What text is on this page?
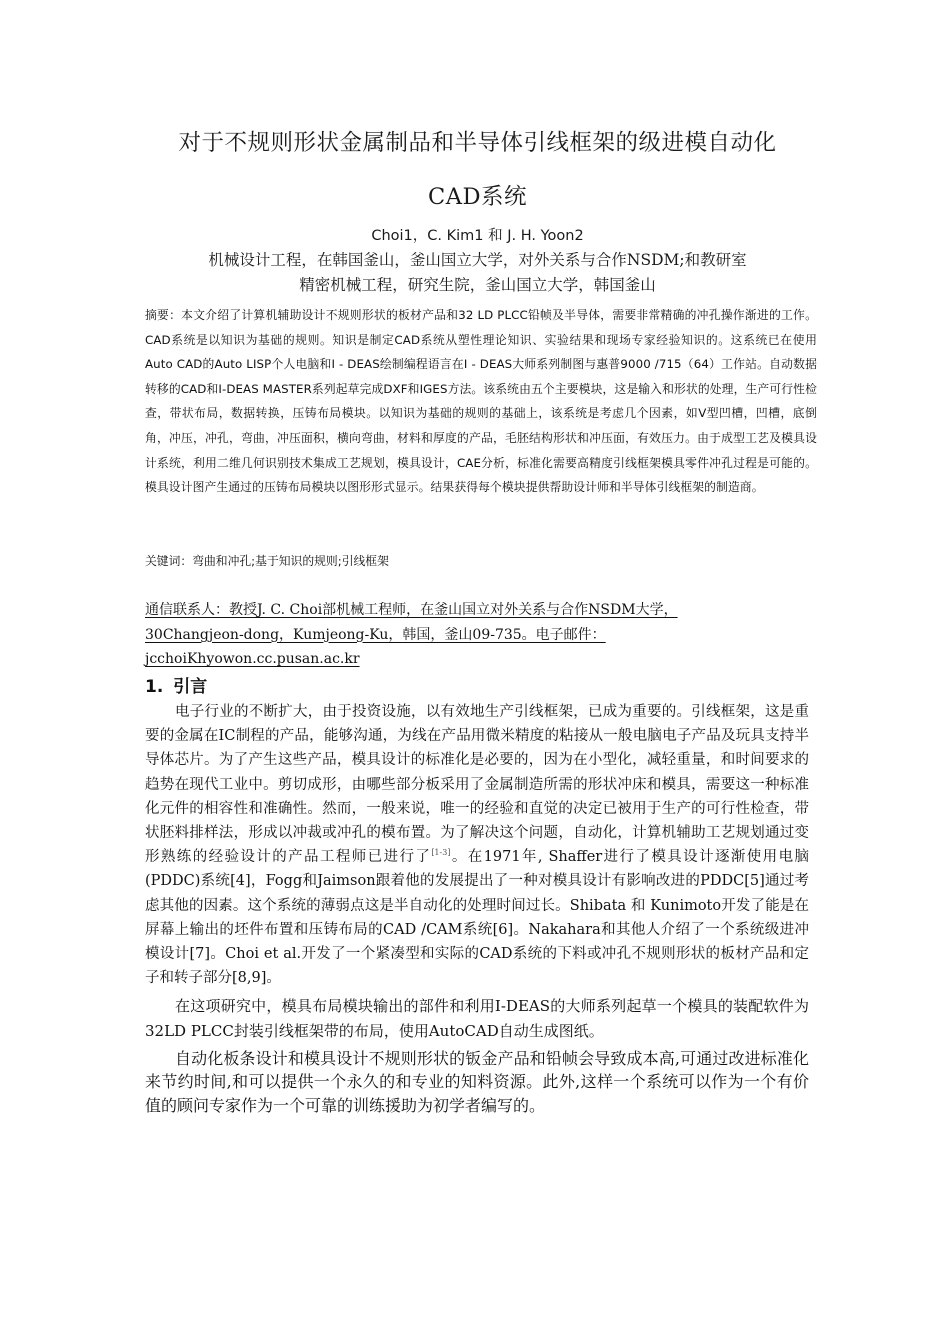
对于不规则形状金属制品和半导体引线框架的级进模自动化
CAD系统
Choi1，C. Kim1 和 J. H. Yoon2
机械设计工程，在韩国釜山，釜山国立大学，对外关系与合作NSDM;和教研室
精密机械工程，研究生院，釜山国立大学，韩国釜山
摘要：本文介绍了计算机辅助设计不规则形状的板材产品和32 LD PLCC铅帧及半导体，需要非常精确的冲孔操作渐进的工作。CAD系统是以知识为基础的规则。知识是制定CAD系统从塑性理论知识、实验结果和现场专家经验知识的。这系统已在使用Auto CAD的Auto LISP个人电脑和I - DEAS绘制编程语言在I - DEAS大师系列制图与惠普9000 /715（64）工作站。自动数据转移的CAD和I-DEAS MASTER系列起草完成DXF和IGES方法。该系统由五个主要模块，这是输入和形状的处理，生产可行性检查，带状布局，数据转换，压铸布局模块。以知识为基础的规则的基础上，该系统是考虑几个因素，如V型凹槽，凹槽，底倒角，冲压，冲孔，弯曲，冲压面积，横向弯曲，材料和厚度的产品，毛胚结构形状和冲压面，有效压力。由于成型工艺及模具设计系统，利用二维几何识别技术集成工艺规划，模具设计，CAE分析，标准化需要高精度引线框架模具零件冲孔过程是可能的。模具设计图产生通过的压铸布局模块以图形形式显示。结果获得每个模块提供帮助设计师和半导体引线框架的制造商。
关键词：弯曲和冲孔;基于知识的规则;引线框架
通信联系人：教授J. C. Choi部机械工程师，在釜山国立对外关系与合作NSDM大学，
30Changjeon-dong，Kumjeong-Ku，韩国，釜山09-735。电子邮件：
jcchoiKhyowon.cc.pusan.ac.kr
1. 引言

电子行业的不断扩大，由于投资设施，以有效地生产引线框架，已成为重要的。引线框架，这是重要的金属在IC制程的产品，能够沟通，为线在产品用微米精度的粘接从一般电脑电子产品及玩具支持半导体芯片。为了产生这些产品，模具设计的标准化是必要的，因为在小型化，减轻重量，和时间要求的趋势在现代工业中。剪切成形，由哪些部分板采用了金属制造所需的形状冲床和模具，需要这一种标准化元件的相容性和准确性。然而，一般来说，唯一的经验和直觉的决定已被用于生产的可行性检查，带状胚料排样法，形成以冲裁或冲孔的模布置。为了解决这个问题，自动化，计算机辅助工艺规划通过变形熟练的经验设计的产品工程师已进行了[1-3]。在1971年, Shaffer进行了模具设计逐渐使用电脑(PDDC)系统[4]，Fogg和Jaimson跟着他的发展提出了一种对模具设计有影响改进的PDDC[5]通过考虑其他的因素。这个系统的薄弱点这是半自动化的处理时间过长。Shibata 和 Kunimoto开发了能是在屏幕上输出的坯件布置和压铸布局的CAD /CAM系统[6]。Nakahara和其他人介绍了一个系统级进冲模设计[7]。Choi et al.开发了一个紧凑型和实际的CAD系统的下料或冲孔不规则形状的板材产品和定子和转子部分[8,9]。

在这项研究中，模具布局模块输出的部件和利用I-DEAS的大师系列起草一个模具的装配软件为32LD PLCC封装引线框架带的布局，使用AutoCAD自动生成图纸。

自动化板条设计和模具设计不规则形状的钣金产品和铅帧会导致成本高,可通过改进标准化来节约时间,和可以提供一个永久的和专业的知料资源。此外,这样一个系统可以作为一个有价值的顾问专家作为一个可靠的训练援助为初学者编写的。
